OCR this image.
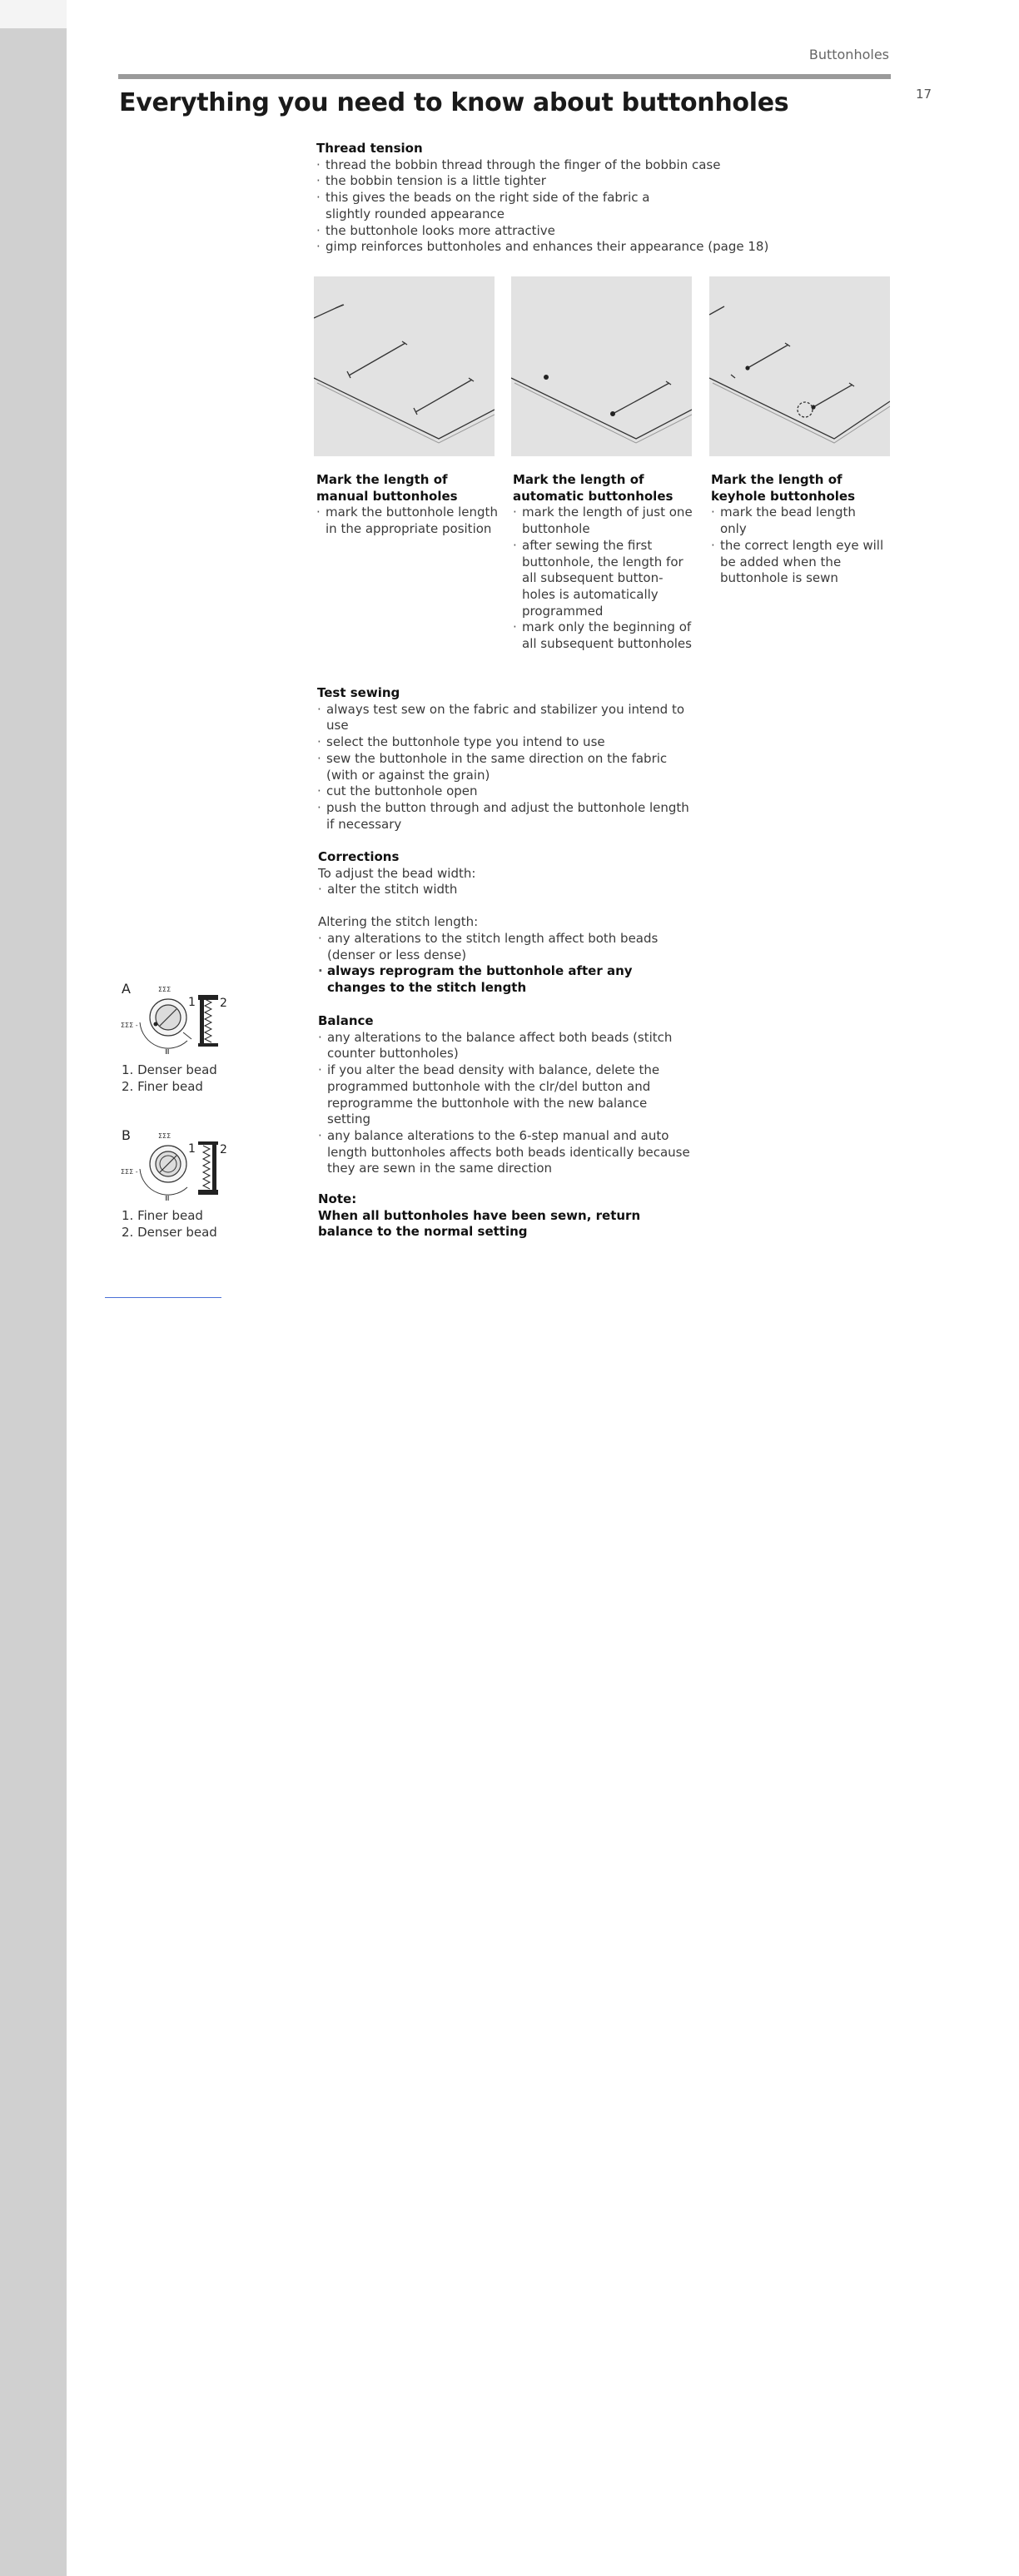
Buttonholes
17
Everything you need to know about buttonholes
Thread tension
· thread the bobbin thread through the finger of the bobbin case
· the bobbin tension is a little tighter
· this gives the beads on the right side of the fabric a slightly rounded appearance
· the buttonhole looks more attractive
· gimp reinforces buttonholes and enhances their appearance (page 18)
Mark the length of manual buttonholes
· mark the buttonhole length in the appropriate position
Mark the length of automatic buttonholes
· mark the length of just one buttonhole
· after sewing the first buttonhole, the length for all subsequent button-holes is automatically programmed
· mark only the beginning of all subsequent buttonholes
Mark the length of keyhole buttonholes
· mark the bead length only
· the correct length eye will be added when the buttonhole is sewn
Test sewing
· always test sew on the fabric and stabilizer you intend to use
· select the buttonhole type you intend to use
· sew the buttonhole in the same direction on the fabric (with or against the grain)
· cut the buttonhole open
· push the button through and adjust the buttonhole length if necessary
Corrections

To adjust the bead width:

· alter the stitch width

Altering the stitch length:

· any alterations to the stitch length affect both beads (denser or less dense)
· always reprogram the buttonhole after any changes to the stitch length
Balance
· any alterations to the balance affect both beads (stitch counter buttonholes)
· if you alter the bead density with balance, delete the programmed buttonhole with the clr/del button and reprogramme the buttonhole with the new balance setting
· any balance alterations to the 6-step manual and auto length buttonholes affects both beads identically because they are sewn in the same direction
Note:

When all buttonholes have been sewn, return balance to the normal setting

A	ΣΣΣ
ΣΣΣ -
Ⅲ
1 2
1. Denser bead
2. Finer bead
B	ΣΣΣ
ΣΣΣ -
Ⅲ
1 2
1. Finer bead
2. Denser bead
